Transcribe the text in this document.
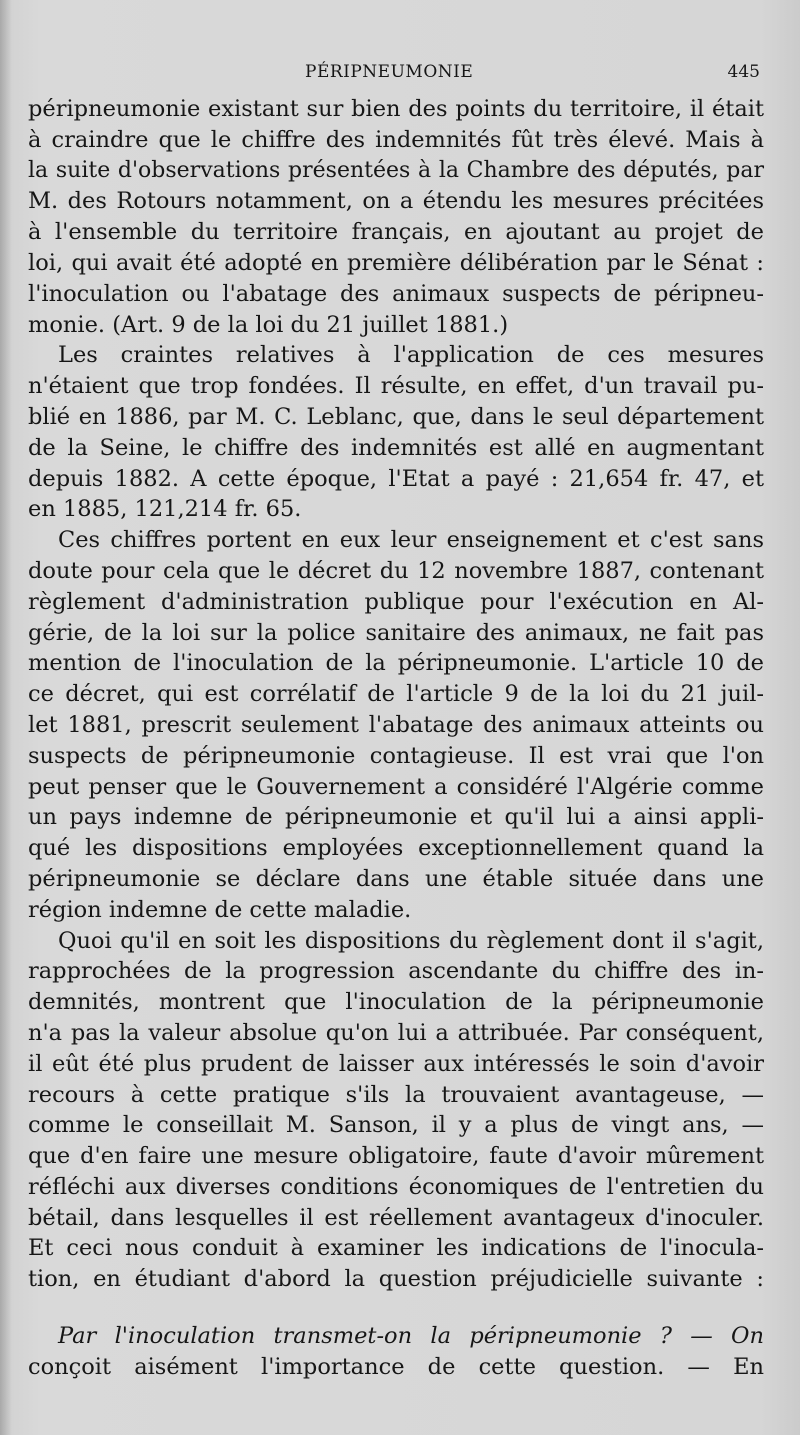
PÉRIPNEUMONIE	445
péripneumonie existant sur bien des points du territoire, il était
à craindre que le chiffre des indemnités fût très élevé. Mais à
la suite d'observations présentées à la Chambre des députés, par
M. des Rotours notamment, on a étendu les mesures précitées
à l'ensemble du territoire français, en ajoutant au projet de
loi, qui avait été adopté en première délibération par le Sénat :
l'inoculation ou l'abatage des animaux suspects de péripneu-
monie. (Art. 9 de la loi du 21 juillet 1881.)
Les craintes relatives à l'application de ces mesures
n'étaient que trop fondées. Il résulte, en effet, d'un travail pu-
blié en 1886, par M. C. Leblanc, que, dans le seul département
de la Seine, le chiffre des indemnités est allé en augmentant
depuis 1882. A cette époque, l'Etat a payé : 21,654 fr. 47, et
en 1885, 121,214 fr. 65.
Ces chiffres portent en eux leur enseignement et c'est sans
doute pour cela que le décret du 12 novembre 1887, contenant
règlement d'administration publique pour l'exécution en Al-
gérie, de la loi sur la police sanitaire des animaux, ne fait pas
mention de l'inoculation de la péripneumonie. L'article 10 de
ce décret, qui est corrélatif de l'article 9 de la loi du 21 juil-
let 1881, prescrit seulement l'abatage des animaux atteints ou
suspects de péripneumonie contagieuse. Il est vrai que l'on
peut penser que le Gouvernement a considéré l'Algérie comme
un pays indemne de péripneumonie et qu'il lui a ainsi appli-
qué les dispositions employées exceptionnellement quand la
péripneumonie se déclare dans une étable située dans une
région indemne de cette maladie.
Quoi qu'il en soit les dispositions du règlement dont il s'agit,
rapprochées de la progression ascendante du chiffre des in-
demnités, montrent que l'inoculation de la péripneumonie
n'a pas la valeur absolue qu'on lui a attribuée. Par conséquent,
il eût été plus prudent de laisser aux intéressés le soin d'avoir
recours à cette pratique s'ils la trouvaient avantageuse, —
comme le conseillait M. Sanson, il y a plus de vingt ans, —
que d'en faire une mesure obligatoire, faute d'avoir mûrement
réfléchi aux diverses conditions économiques de l'entretien du
bétail, dans lesquelles il est réellement avantageux d'inoculer.
Et ceci nous conduit à examiner les indications de l'inocula-
tion, en étudiant d'abord la question préjudicielle suivante :
Par l'inoculation transmet-on la péripneumonie ? — On
conçoit aisément l'importance de cette question. — En
